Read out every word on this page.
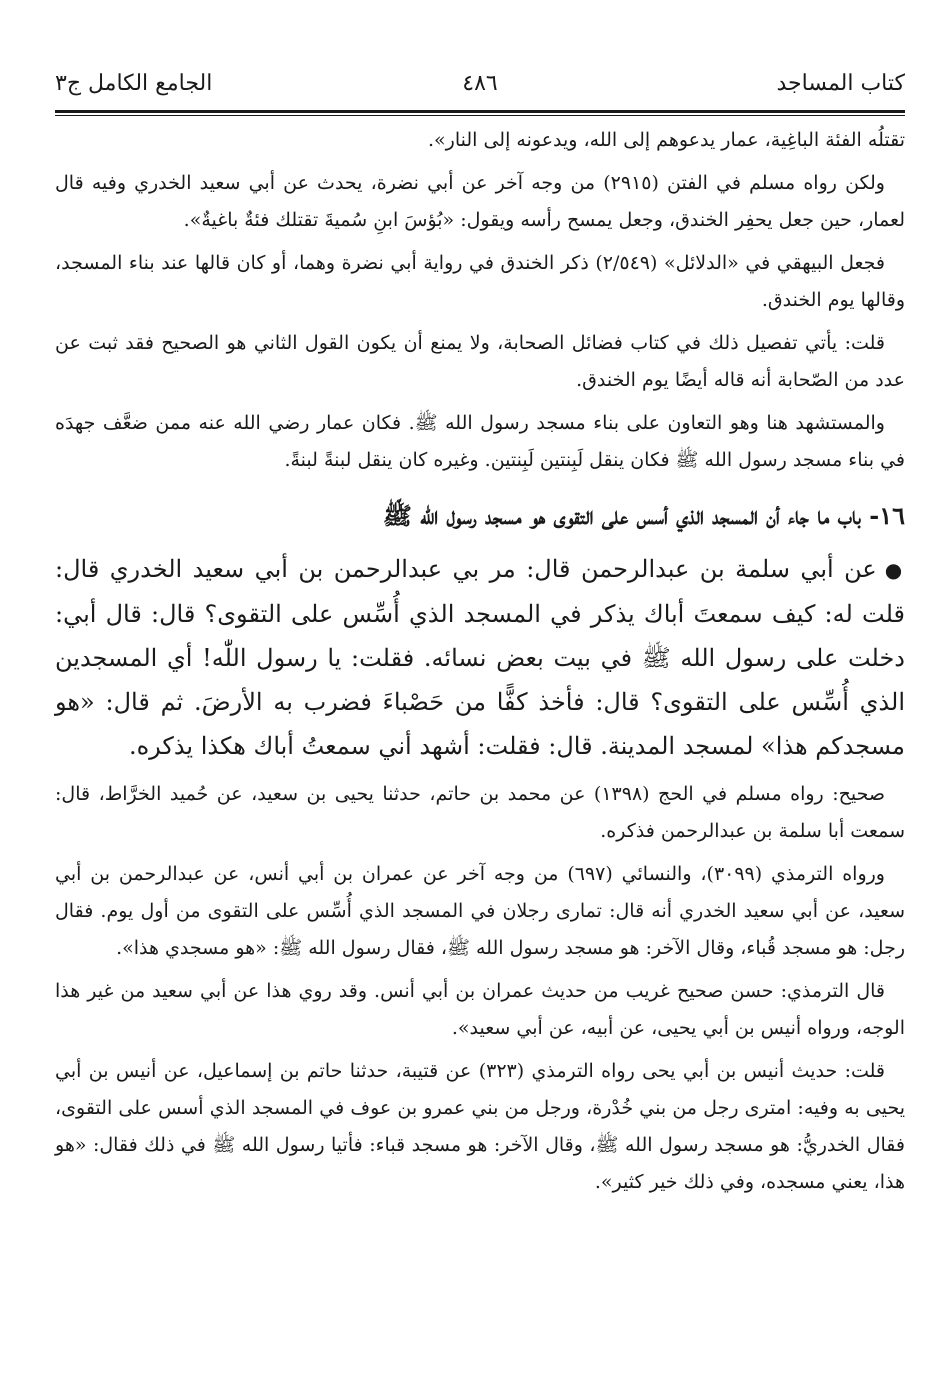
كتاب المساجد
٤٨٦
الجامع الكامل ج٣

تقتلُه الفئة الباغِية، عمار يدعوهم إلى الله، ويدعونه إلى النار».

ولكن رواه مسلم في الفتن (٢٩١٥) من وجه آخر عن أبي نضرة، يحدث عن أبي سعيد الخدري وفيه قال لعمار، حين جعل يحفِر الخندق، وجعل يمسح رأسه ويقول: «بُؤسَ ابنِ سُميةَ تقتلك فئةٌ باغيةٌ».

فجعل البيهقي في «الدلائل» (٢/٥٤٩) ذكر الخندق في رواية أبي نضرة وهما، أو كان قالها عند بناء المسجد، وقالها يوم الخندق.

قلت: يأتي تفصيل ذلك في كتاب فضائل الصحابة، ولا يمنع أن يكون القول الثاني هو الصحيح فقد ثبت عن عدد من الصّحابة أنه قاله أيضًا يوم الخندق.

والمستشهد هنا وهو التعاون على بناء مسجد رسول الله ﷺ. فكان عمار رضي الله عنه ممن ضعَّف جهدَه في بناء مسجد رسول الله ﷺ فكان ينقل لَبِنتين لَبِنتين. وغيره كان ينقل لبنةً لبنةً.

١٦- باب ما جاء أن المسجد الذي أسس على التقوى هو مسجد رسول الله ﷺ

●عن أبي سلمة بن عبدالرحمن قال: مر بي عبدالرحمن بن أبي سعيد الخدري قال: قلت له: كيف سمعتَ أباك يذكر في المسجد الذي أُسِّس على التقوى؟ قال: قال أبي: دخلت على رسول الله ﷺ في بيت بعض نسائه. فقلت: يا رسول اللّٰه! أي المسجدين الذي أُسِّس على التقوى؟ قال: فأخذ كفًّا من حَصْباءَ فضرب به الأرضَ. ثم قال: «هو مسجدكم هذا» لمسجد المدينة. قال: فقلت: أشهد أني سمعتُ أباك هكذا يذكره.

صحيح: رواه مسلم في الحج (١٣٩٨) عن محمد بن حاتم، حدثنا يحيى بن سعيد، عن حُميد الخرَّاط، قال: سمعت أبا سلمة بن عبدالرحمن فذكره.

ورواه الترمذي (٣٠٩٩)، والنسائي (٦٩٧) من وجه آخر عن عمران بن أبي أنس، عن عبدالرحمن بن أبي سعيد، عن أبي سعيد الخدري أنه قال: تمارى رجلان في المسجد الذي أُسِّس على التقوى من أول يوم. فقال رجل: هو مسجد قُباء، وقال الآخر: هو مسجد رسول الله ﷺ، فقال رسول الله ﷺ: «هو مسجدي هذا».

قال الترمذي: حسن صحيح غريب من حديث عمران بن أبي أنس. وقد روي هذا عن أبي سعيد من غير هذا الوجه، ورواه أنيس بن أبي يحيى، عن أبيه، عن أبي سعيد».

قلت: حديث أنيس بن أبي يحى رواه الترمذي (٣٢٣) عن قتيبة، حدثنا حاتم بن إسماعيل، عن أنيس بن أبي يحيى به وفيه: امترى رجل من بني خُدْرة، ورجل من بني عمرو بن عوف في المسجد الذي أسس على التقوى، فقال الخدريُّ: هو مسجد رسول الله ﷺ، وقال الآخر: هو مسجد قباء: فأتيا رسول الله ﷺ في ذلك فقال: «هو هذا، يعني مسجده، وفي ذلك خير كثير».
